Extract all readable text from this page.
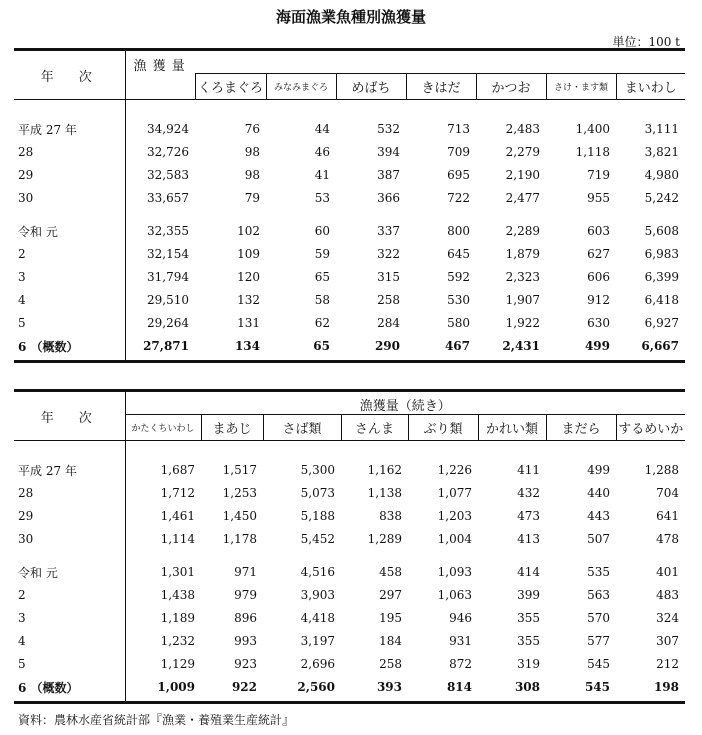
海面漁業魚種別漁獲量
単位：100 t
年　次	漁 獲 量							
		くろまぐろ	みなみまぐろ	めばち	きはだ	かつお	さけ・ます類	まいわし

平成 27 年	34,924	76	44	532	713	2,483	1,400	3,111
28	32,726	98	46	394	709	2,279	1,118	3,821
29	32,583	98	41	387	695	2,190	719	4,980
30	33,657	79	53	366	722	2,477	955	5,242

令和 元	32,355	102	60	337	800	2,289	603	5,608
2	32,154	109	59	322	645	1,879	627	6,983
3	31,794	120	65	315	592	2,323	606	6,399
4	29,510	132	58	258	530	1,907	912	6,418
5	29,264	131	62	284	580	1,922	630	6,927
6 （概数）	27,871	134	65	290	467	2,431	499	6,667

年　次	漁獲量（続き）							
	かたくちいわし	まあじ	さば類	さんま	ぶり類	かれい類	まだら	するめいか

平成 27 年	1,687	1,517	5,300	1,162	1,226	411	499	1,288
28	1,712	1,253	5,073	1,138	1,077	432	440	704
29	1,461	1,450	5,188	838	1,203	473	443	641
30	1,114	1,178	5,452	1,289	1,004	413	507	478

令和 元	1,301	971	4,516	458	1,093	414	535	401
2	1,438	979	3,903	297	1,063	399	563	483
3	1,189	896	4,418	195	946	355	570	324
4	1,232	993	3,197	184	931	355	577	307
5	1,129	923	2,696	258	872	319	545	212
6 （概数）	1,009	922	2,560	393	814	308	545	198

資料：農林水産省統計部『漁業・養殖業生産統計』
